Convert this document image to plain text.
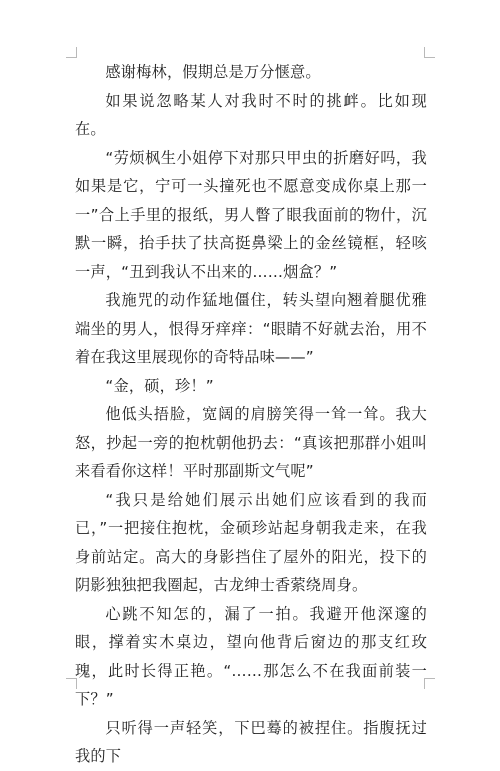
感谢梅林，假期总是万分惬意。

如果说忽略某人对我时不时的挑衅。比如现在。

“劳烦枫生小姐停下对那只甲虫的折磨好吗，我如果是它，宁可一头撞死也不愿意变成你桌上那一一”合上手里的报纸，男人瞥了眼我面前的物什，沉默一瞬，抬手扶了扶高挺鼻梁上的金丝镜框，轻咳一声，“丑到我认不出来的……烟盒？”

我施咒的动作猛地僵住，转头望向翘着腿优雅端坐的男人，恨得牙痒痒：“眼睛不好就去治，用不着在我这里展现你的奇特品味——”

“金，硕，珍！”

他低头捂脸，宽阔的肩膀笑得一耸一耸。我大怒，抄起一旁的抱枕朝他扔去：“真该把那群小姐叫来看看你这样！平时那副斯文气呢”

“我只是给她们展示出她们应该看到的我而已，”一把接住抱枕，金硕珍站起身朝我走来，在我身前站定。高大的身影挡住了屋外的阳光，投下的阴影独独把我圈起，古龙绅士香萦绕周身。

心跳不知怎的，漏了一拍。我避开他深邃的眼，撑着实木桌边，望向他背后窗边的那支红玫瑰，此时长得正艳。“……那怎么不在我面前装一下？”

只听得一声轻笑，下巴蓦的被捏住。指腹抚过我的下
